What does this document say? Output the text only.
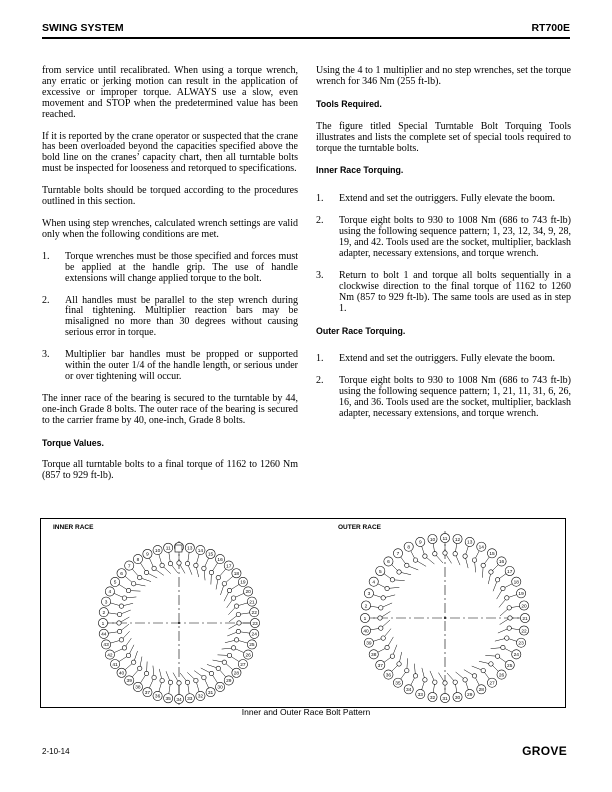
SWING SYSTEM	RT700E

from service until recalibrated. When using a torque wrench, any erratic or jerking motion can result in the application of excessive or improper torque. ALWAYS use a slow, even movement and STOP when the predetermined value has been reached.

If it is reported by the crane operator or suspected that the crane has been overloaded beyond the capacities specified above the bold line on the cranes’ capacity chart, then all turntable bolts must be inspected for looseness and retorqued to specifications.

Turntable bolts should be torqued according to the procedures outlined in this section.

When using step wrenches, calculated wrench settings are valid only when the following conditions are met.

1. Torque wrenches must be those specified and forces must be applied at the handle grip. The use of handle extensions will change applied torque to the bolt.
2. All handles must be parallel to the step wrench during final tightening. Multiplier reaction bars may be misaligned no more than 30 degrees without causing serious error in torque.
3. Multiplier bar handles must be propped or supported within the outer 1/4 of the handle length, or serious under or over tightening will occur.

The inner race of the bearing is secured to the turntable by 44, one-inch Grade 8 bolts. The outer race of the bearing is secured to the carrier frame by 40, one-inch, Grade 8 bolts.

Torque Values.

Torque all turntable bolts to a final torque of 1162 to 1260 Nm (857 to 929 ft-lb).

Using the 4 to 1 multiplier and no step wrenches, set the torque wrench for 346 Nm (255 ft-lb).

Tools Required.

The figure titled Special Turntable Bolt Torquing Tools illustrates and lists the complete set of special tools required to torque the turntable bolts.

Inner Race Torquing.
1. Extend and set the outriggers. Fully elevate the boom.
2. Torque eight bolts to 930 to 1008 Nm (686 to 743 ft-lb) using the following sequence pattern; 1, 23, 12, 34, 9, 28, 19, and 42. Tools used are the socket, multiplier, backlash adapter, necessary extensions, and torque wrench.
3. Return to bolt 1 and torque all bolts sequentially in a clockwise direction to the final torque of 1162 to 1260 Nm (857 to 929 ft-lb). The same tools are used as in step 1.
Outer Race Torquing.
1. Extend and set the outriggers. Fully elevate the boom.
2. Torque eight bolts to 930 to 1008 Nm (686 to 743 ft-lb) using the following sequence pattern; 1, 21, 11, 31, 6, 26, 16, and 36. Tools used are the socket, multiplier, backlash adapter, necessary extensions, and torque wrench.
INNER RACE	OUTER RACE
1
2
3
4
5
6
7
8
9
10 11	13 14
15
16
17
18
19
20
21
22
23
24
25
26
27
28
29
30
31
32
33
34
35
36
37
38
39
40
41
42
43
44
1
2
3
4
5
6
7
8
9
10 11 12
13
14
15
16
17
18
19
20
21
22
23
24
25
26
27
28
29
30
31
32
33
34
35
36
37
38
39
40
Inner and Outer Race Bolt Pattern
2-10-14	GROVE
